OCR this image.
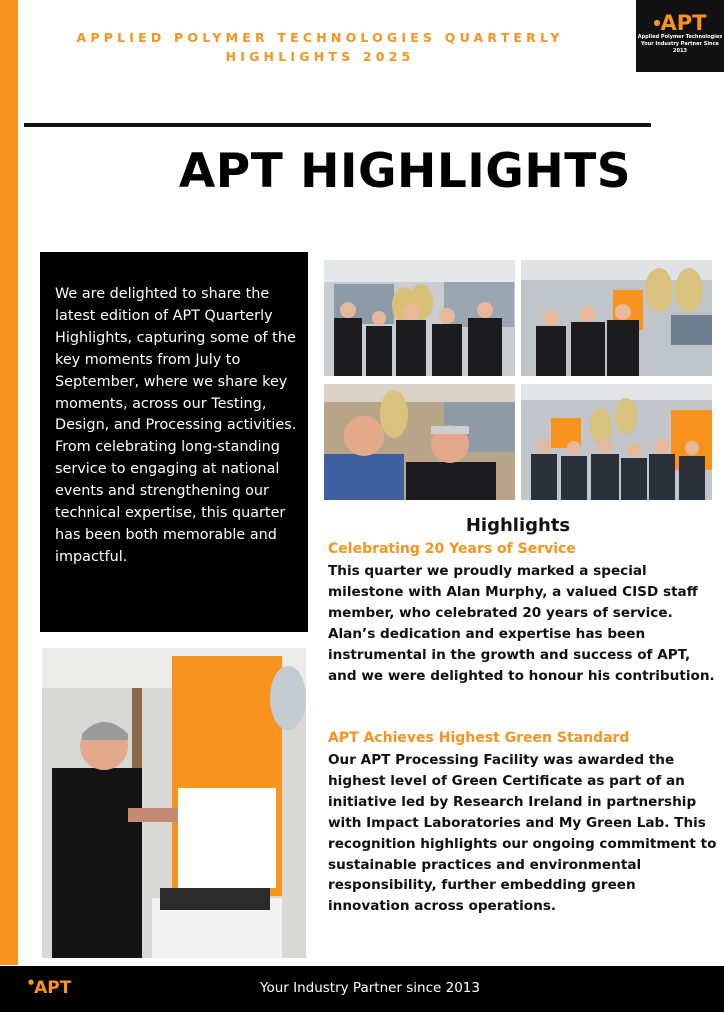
APPLIED POLYMER TECHNOLOGIES QUARTERLY
HIGHLIGHTS 2025
●APT
Applied Polymer Technologies
Your Industry Partner Since
2013
APT HIGHLIGHTS

We are delighted to share the latest edition of APT Quarterly Highlights, capturing some of the key moments from July to September, where we share key moments, across our Testing, Design, and Processing activities. From celebrating long-standing service to engaging at national events and strengthening our technical expertise, this quarter has been both memorable and impactful.

Highlights
Celebrating 20 Years of Service

This quarter we proudly marked a special milestone with Alan Murphy, a valued CISD staff member, who celebrated 20 years of service. Alan’s dedication and expertise has been instrumental in the growth and success of APT, and we were delighted to honour his contribution.

APT Achieves Highest Green Standard

Our APT Processing Facility was awarded the highest level of Green Certificate as part of an initiative led by Research Ireland in partnership with Impact Laboratories and My Green Lab. This recognition highlights our ongoing commitment to sustainable practices and environmental responsibility, further embedding green innovation across operations.

●APT	Your Industry Partner since 2013
